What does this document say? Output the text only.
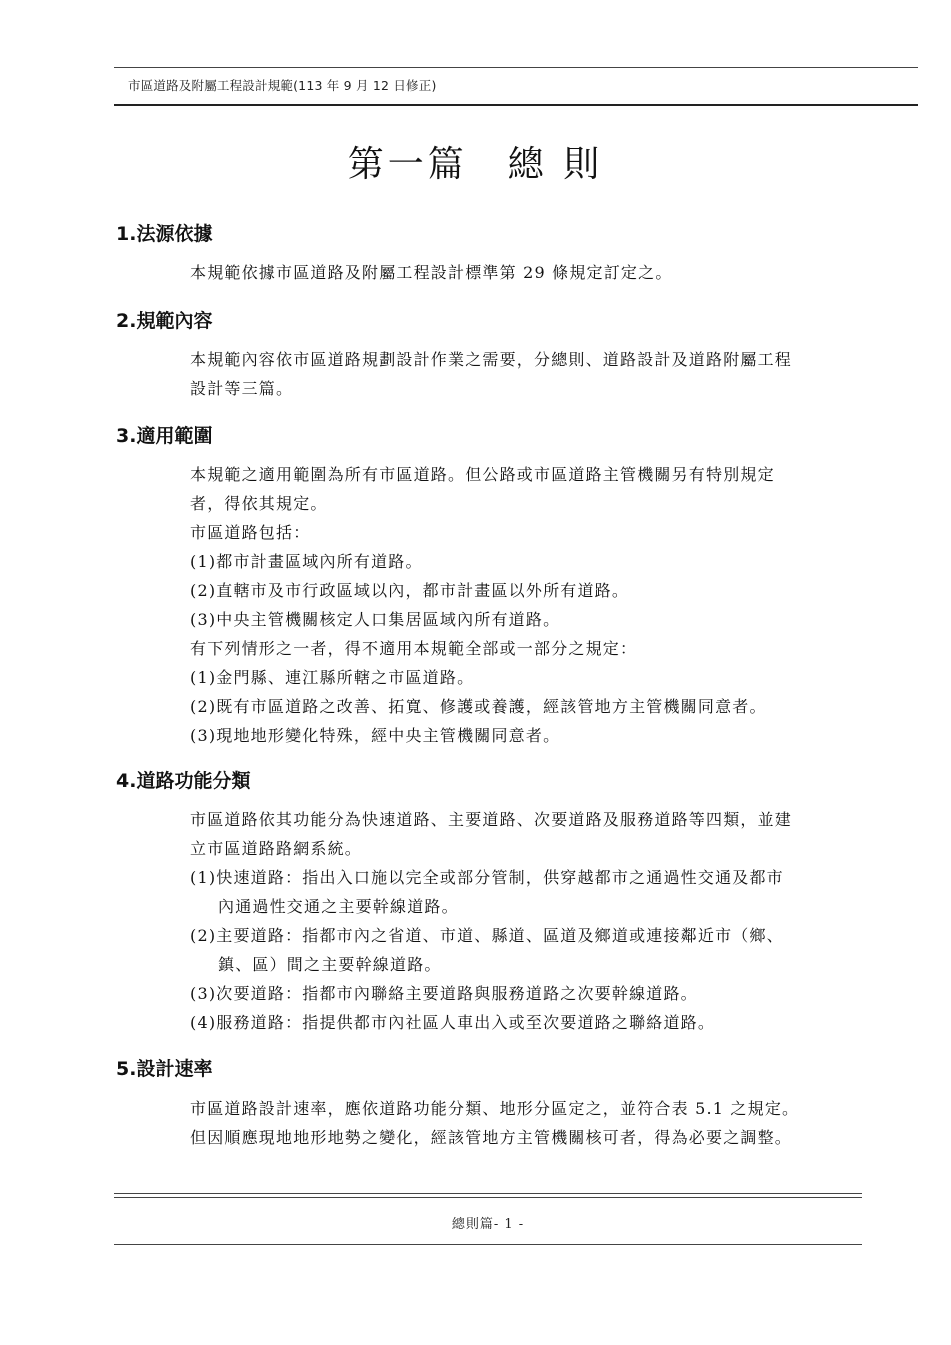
市區道路及附屬工程設計規範(113 年 9 月 12 日修正)
第一篇　總 則
1.法源依據
本規範依據市區道路及附屬工程設計標準第 29 條規定訂定之。
2.規範內容
本規範內容依市區道路規劃設計作業之需要，分總則、道路設計及道路附屬工程
設計等三篇。
3.適用範圍
本規範之適用範圍為所有市區道路。但公路或市區道路主管機關另有特別規定
者，得依其規定。
市區道路包括：
(1)都市計畫區域內所有道路。
(2)直轄市及市行政區域以內，都市計畫區以外所有道路。
(3)中央主管機關核定人口集居區域內所有道路。
有下列情形之一者，得不適用本規範全部或一部分之規定：
(1)金門縣、連江縣所轄之市區道路。
(2)既有市區道路之改善、拓寬、修護或養護，經該管地方主管機關同意者。
(3)現地地形變化特殊，經中央主管機關同意者。
4.道路功能分類
市區道路依其功能分為快速道路、主要道路、次要道路及服務道路等四類，並建
立市區道路路網系統。
(1)快速道路：指出入口施以完全或部分管制，供穿越都市之通過性交通及都市
內通過性交通之主要幹線道路。
(2)主要道路：指都市內之省道、市道、縣道、區道及鄉道或連接鄰近市（鄉、
鎮、區）間之主要幹線道路。
(3)次要道路：指都市內聯絡主要道路與服務道路之次要幹線道路。
(4)服務道路：指提供都市內社區人車出入或至次要道路之聯絡道路。
5.設計速率
市區道路設計速率，應依道路功能分類、地形分區定之，並符合表 5.1 之規定。
但因順應現地地形地勢之變化，經該管地方主管機關核可者，得為必要之調整。
總則篇- 1 -
